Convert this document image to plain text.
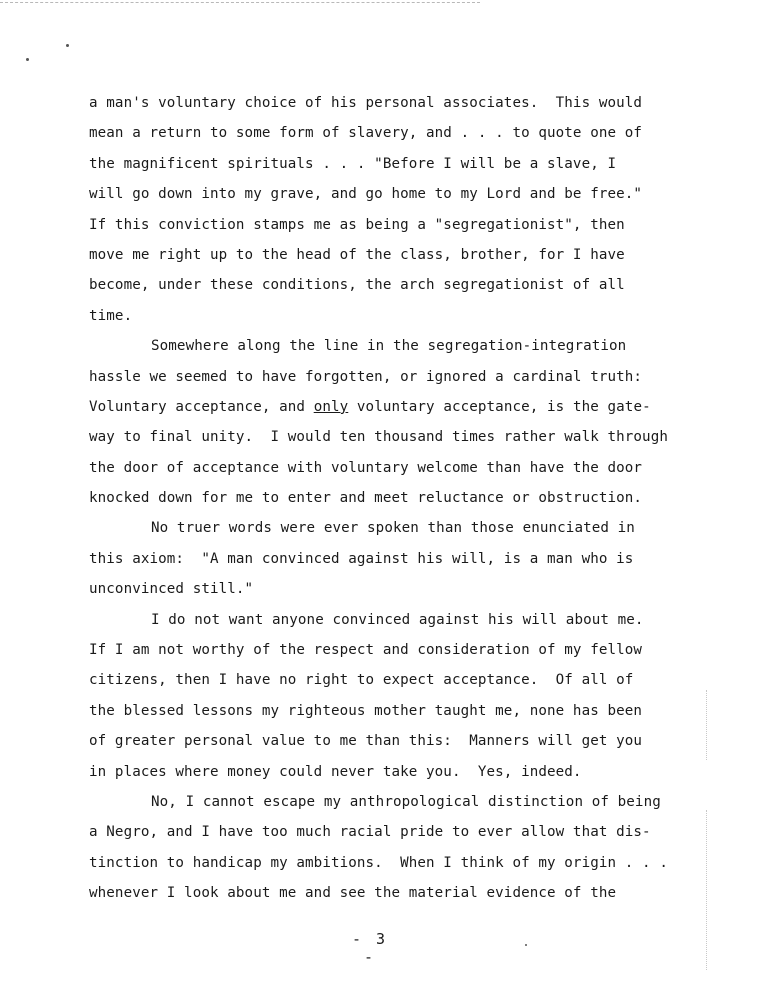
a man's voluntary choice of his personal associates.  This would
mean a return to some form of slavery, and . . . to quote one of
the magnificent spirituals . . . "Before I will be a slave, I
will go down into my grave, and go home to my Lord and be free."
If this conviction stamps me as being a "segregationist", then
move me right up to the head of the class, brother, for I have
become, under these conditions, the arch segregationist of all
time.
Somewhere along the line in the segregation-integration
hassle we seemed to have forgotten, or ignored a cardinal truth:
Voluntary acceptance, and only voluntary acceptance, is the gate-
way to final unity.  I would ten thousand times rather walk through
the door of acceptance with voluntary welcome than have the door
knocked down for me to enter and meet reluctance or obstruction.
No truer words were ever spoken than those enunciated in
this axiom:  "A man convinced against his will, is a man who is
unconvinced still."
I do not want anyone convinced against his will about me.
If I am not worthy of the respect and consideration of my fellow
citizens, then I have no right to expect acceptance.  Of all of
the blessed lessons my righteous mother taught me, none has been
of greater personal value to me than this:  Manners will get you
in places where money could never take you.  Yes, indeed.
No, I cannot escape my anthropological distinction of being
a Negro, and I have too much racial pride to ever allow that dis-
tinction to handicap my ambitions.  When I think of my origin . . .
whenever I look about me and see the material evidence of the
- 3 -
